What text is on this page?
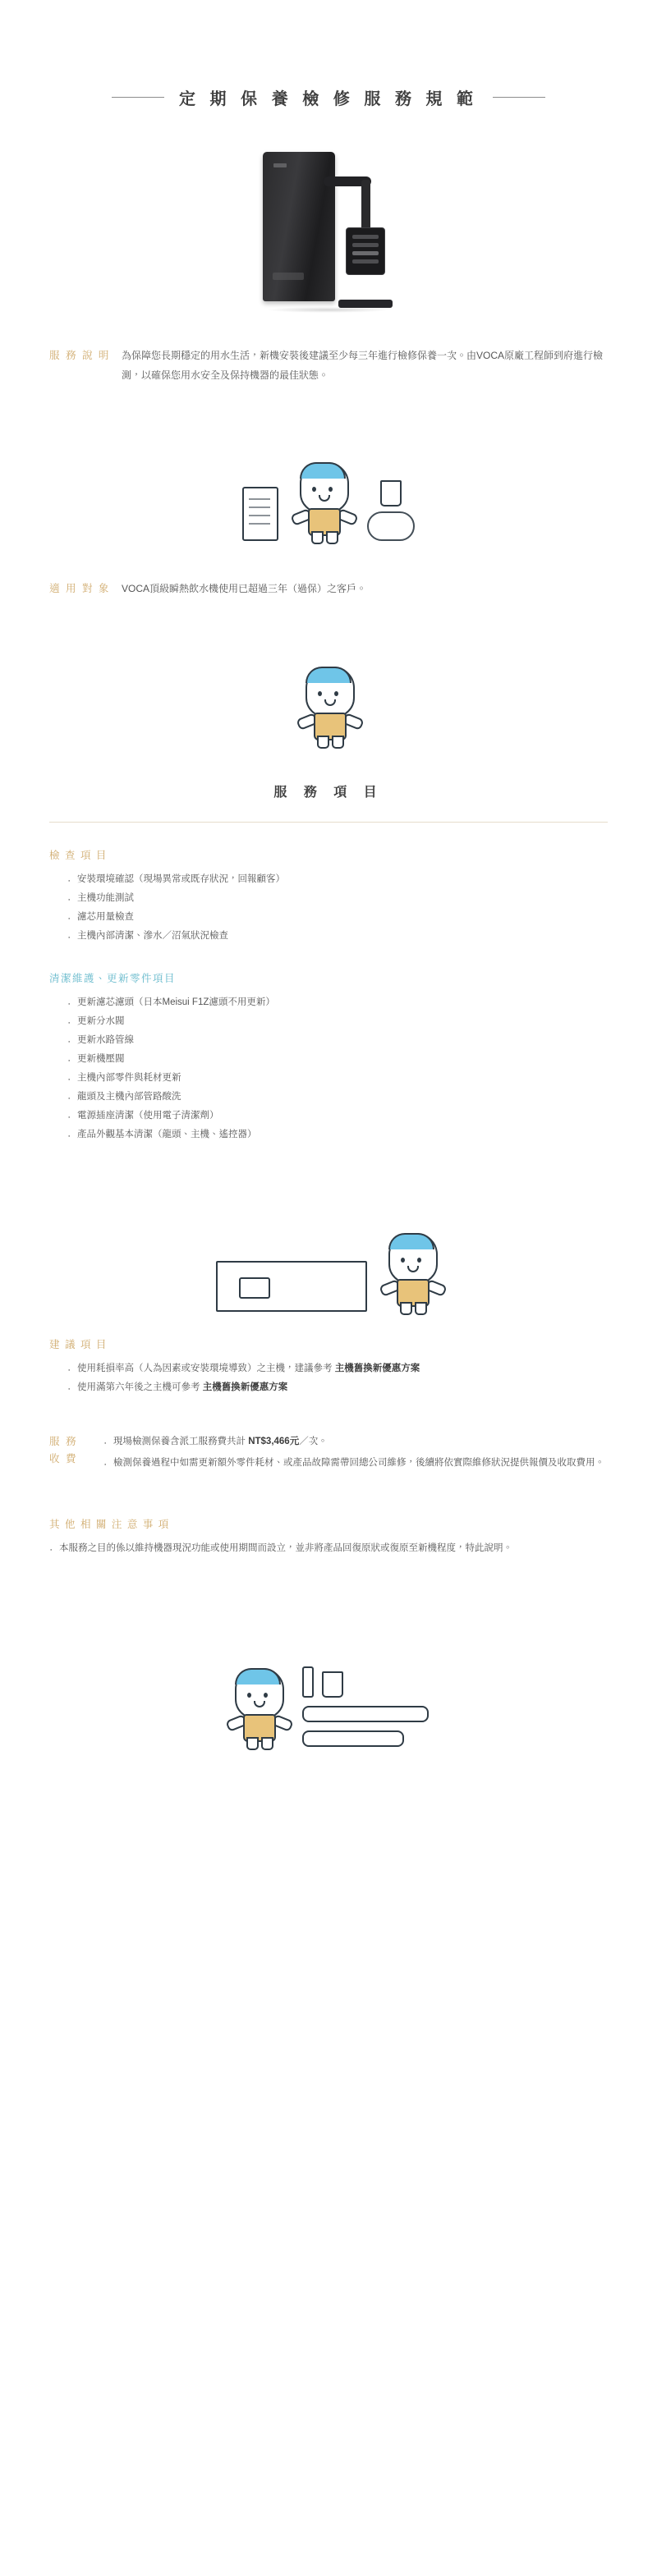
定 期 保 養 檢 修 服 務 規 範
服 務 說 明	為保障您長期穩定的用水生活，新機安裝後建議至少每三年進行檢修保養一次。由VOCA原廠工程師到府進行檢測，以確保您用水安全及保持機器的最佳狀態。
適 用 對 象	VOCA頂級瞬熱飲水機使用已超過三年（過保）之客戶。
服 務 項 目
檢 查 項 目
‧ 安裝環境確認（現場異常或既存狀況，回報顧客）
‧ 主機功能測試
‧ 濾芯用量檢查
‧ 主機內部清潔、滲水／沼氣狀況檢查
清潔維護、更新零件項目
‧ 更新濾芯濾頭（日本Meisui F1Z濾頭不用更新）
‧ 更新分水閥
‧ 更新水路管線
‧ 更新機壓閥
‧ 主機內部零件與耗材更新
‧ 龍頭及主機內部管路酸洗
‧ 電源插座清潔（使用電子清潔劑）
‧ 產品外觀基本清潔（龍頭、主機、遙控器）
建 議 項 目
‧ 使用耗損率高（人為因素或安裝環境導致）之主機，建議參考 主機舊換新優惠方案
‧ 使用滿第六年後之主機可參考 主機舊換新優惠方案
服 務
收 費

‧ 現場檢測保養含派工服務費共計 NT$3,466元／次。

‧ 檢測保養過程中如需更新額外零件耗材、或產品故障需帶回總公司維修，後續將依實際維修狀況提供報價及收取費用。

其 他 相 關 注 意 事 項

‧ 本服務之目的係以維持機器現況功能或使用期間而設立，並非將產品回復原狀或復原至新機程度，特此說明。
